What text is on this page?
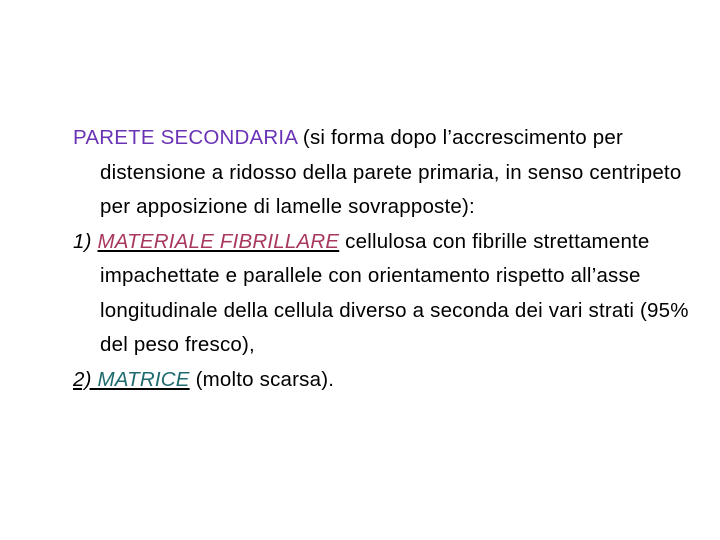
PARETE SECONDARIA (si forma dopo l’accrescimento per distensione a ridosso della parete primaria, in senso centripeto per apposizione di lamelle sovrapposte):

1) MATERIALE FIBRILLARE cellulosa con fibrille strettamente impachettate e parallele con orientamento rispetto all’asse longitudinale della cellula diverso a seconda dei vari strati (95% del peso fresco),

2) MATRICE (molto scarsa).
